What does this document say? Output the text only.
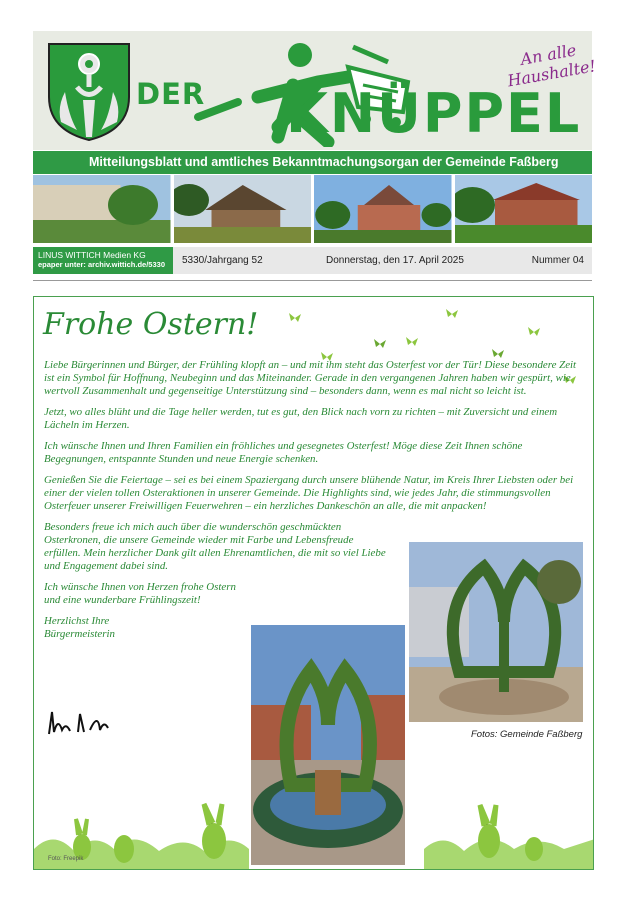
DER KNÜPPEL
An alle Haushalte!
Mitteilungsblatt und amtliches Bekanntmachungsorgan der Gemeinde Faßberg
LINUS WITTICH Medien KG
epaper unter: archiv.wittich.de/5330	5330/Jahrgang 52	Donnerstag, den 17. April 2025	Nummer 04
Frohe Ostern!

Liebe Bürgerinnen und Bürger, der Frühling klopft an – und mit ihm steht das Osterfest vor der Tür! Diese besondere Zeit ist ein Symbol für Hoffnung, Neubeginn und das Miteinander. Gerade in den vergangenen Jahren haben wir gespürt, wie wertvoll Zusammenhalt und gegenseitige Unterstützung sind – besonders dann, wenn es mal nicht so leicht ist.

Jetzt, wo alles blüht und die Tage heller werden, tut es gut, den Blick nach vorn zu richten – mit Zuversicht und einem Lächeln im Herzen.

Ich wünsche Ihnen und Ihren Familien ein fröhliches und gesegnetes Osterfest! Möge diese Zeit Ihnen schöne Begegnungen, entspannte Stunden und neue Energie schenken.

Genießen Sie die Feiertage – sei es bei einem Spaziergang durch unsere blühende Natur, im Kreis Ihrer Liebsten oder bei einer der vielen tollen Osteraktionen in unserer Gemeinde. Die Highlights sind, wie jedes Jahr, die stimmungsvollen Osterfeuer unserer Freiwilligen Feuerwehren – ein herzliches Dankeschön an alle, die mit anpacken!

Besonders freue ich mich auch über die wunderschön geschmückten Osterkronen, die unsere Gemeinde wieder mit Farbe und Lebensfreude erfüllen. Mein herzlicher Dank gilt allen Ehrenamtlichen, die mit so viel Liebe und Engagement dabei sind.

Ich wünsche Ihnen von Herzen frohe Ostern und eine wunderbare Frühlingszeit!

Herzlichst Ihre Bürgermeisterin

Fotos: Gemeinde Faßberg
Foto: Freepik
